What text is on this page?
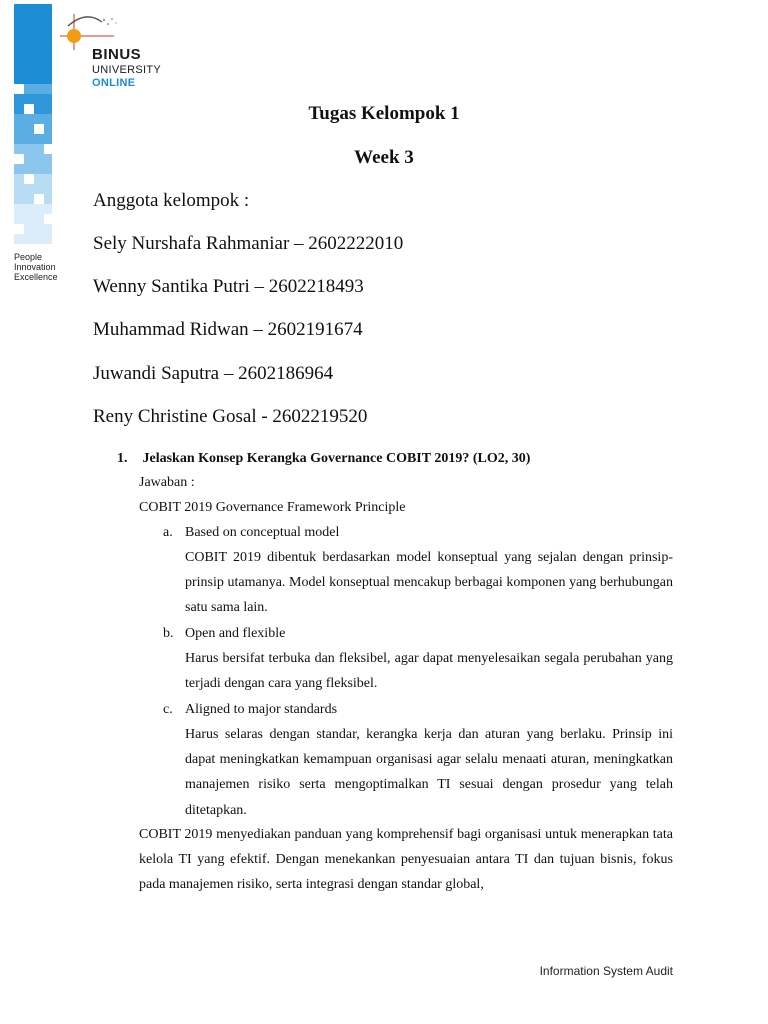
People
Innovation
Excellence
BINUS
UNIVERSITY
ONLINE
Tugas Kelompok 1
Week 3
Anggota kelompok :
Sely Nurshafa Rahmaniar – 2602222010
Wenny Santika Putri – 2602218493
Muhammad Ridwan – 2602191674
Juwandi Saputra – 2602186964
Reny Christine Gosal - 2602219520
1. Jelaskan Konsep Kerangka Governance COBIT 2019? (LO2, 30)
Jawaban :
COBIT 2019 Governance Framework Principle
a. Based on conceptual model
COBIT 2019 dibentuk berdasarkan model konseptual yang sejalan dengan prinsip-prinsip utamanya. Model konseptual mencakup berbagai komponen yang berhubungan satu sama lain.
b. Open and flexible
Harus bersifat terbuka dan fleksibel, agar dapat menyelesaikan segala perubahan yang terjadi dengan cara yang fleksibel.
c. Aligned to major standards
Harus selaras dengan standar, kerangka kerja dan aturan yang berlaku. Prinsip ini dapat meningkatkan kemampuan organisasi agar selalu menaati aturan, meningkatkan manajemen risiko serta mengoptimalkan TI sesuai dengan prosedur yang telah ditetapkan.
COBIT 2019 menyediakan panduan yang komprehensif bagi organisasi untuk menerapkan tata kelola TI yang efektif. Dengan menekankan penyesuaian antara TI dan tujuan bisnis, fokus pada manajemen risiko, serta integrasi dengan standar global,
Information System Audit
